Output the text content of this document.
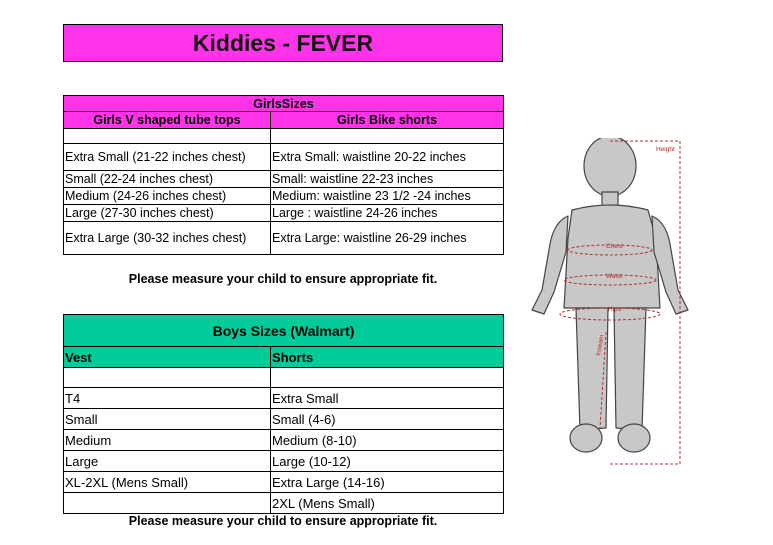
Kiddies - FEVER
GirlsSizes	
Girls V shaped tube tops	Girls Bike shorts

Extra Small (21-22 inches chest)	Extra Small: waistline 20-22 inches
Small (22-24 inches chest)	Small: waistline 22-23 inches
Medium (24-26 inches chest)	Medium: waistline 23 1/2 -24 inches
Large (27-30 inches chest)	Large : waistline 24-26 inches
Extra Large (30-32 inches chest)	Extra Large: waistline 26-29 inches
Please measure your child to ensure appropriate fit.
Boys Sizes (Walmart)	
Vest	Shorts

T4	Extra Small
Small	Small (4-6)
Medium	Medium (8-10)
Large	Large (10-12)
XL-2XL (Mens Small)	Extra Large (14-16)
	2XL (Mens Small)
Please measure your child to ensure appropriate fit.
Height
Chest
Waist
Hips
Inseam
